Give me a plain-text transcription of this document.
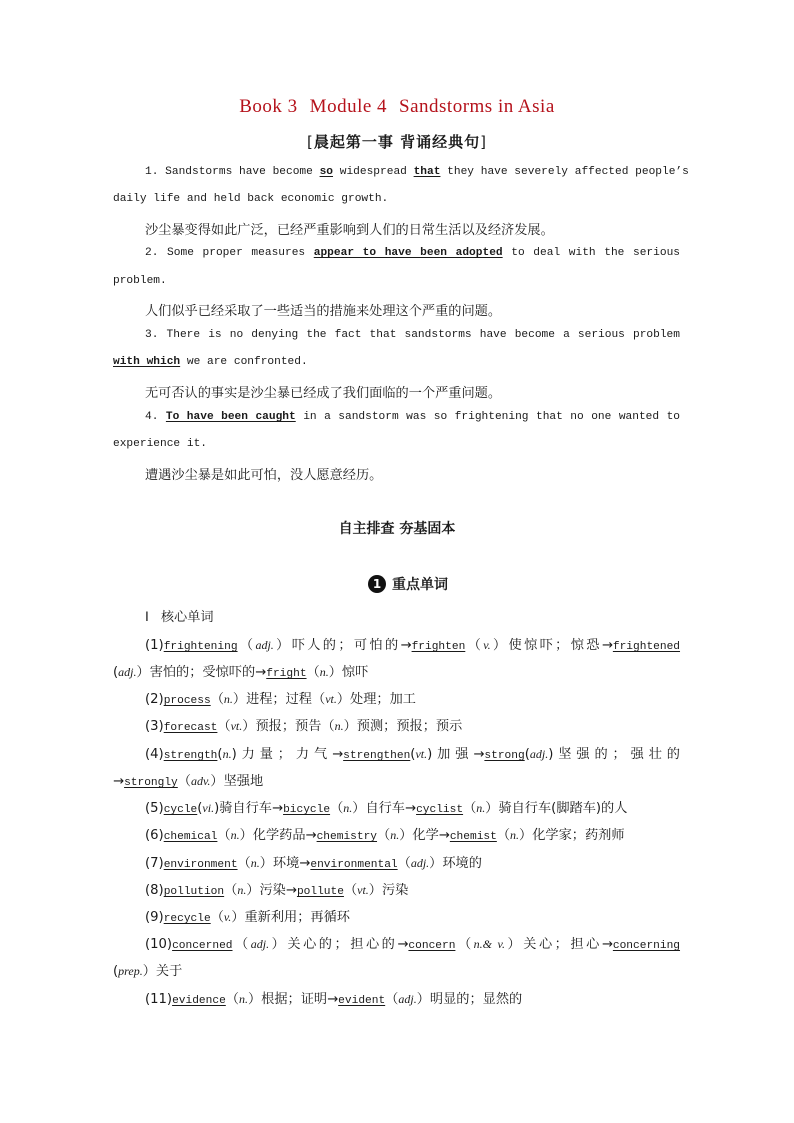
Book 3 Module 4 Sandstorms in Asia
[晨起第一事 背诵经典句]
1. Sandstorms have become so widespread that they have severely affected people’s
daily life and held back economic growth.
沙尘暴变得如此广泛，已经严重影响到人们的日常生活以及经济发展。
2. Some proper measures appear to have been adopted to deal with the serious
problem.
人们似乎已经采取了一些适当的措施来处理这个严重的问题。
3. There is no denying the fact that sandstorms have become a serious problem
with which we are confronted.
无可否认的事实是沙尘暴已经成了我们面临的一个严重问题。
4. To have been caught in a sandstorm was so frightening that no one wanted to
experience it.
遭遇沙尘暴是如此可怕，没人愿意经历。
自主排查 夯基固本
1 重点单词
Ⅰ 核心单词
(1)frightening（adj.）吓人的；可怕的→frighten（v.）使惊吓；惊恐→frightened
(adj.）害怕的；受惊吓的→fright（n.）惊吓
(2)process（n.）进程；过程（vt.）处理；加工
(3)forecast（vt.）预报；预告（n.）预测；预报；预示
(4)strength(n.)力量；力气→strengthen(vt.)加强→strong(adj.)坚强的；强壮的
→strongly（adv.）坚强地
(5)cycle(vi.)骑自行车→bicycle（n.）自行车→cyclist（n.）骑自行车(脚踏车)的人
(6)chemical（n.）化学药品→chemistry（n.）化学→chemist（n.）化学家；药剂师
(7)environment（n.）环境→environmental（adj.）环境的
(8)pollution（n.）污染→pollute（vt.）污染
(9)recycle（v.）重新利用；再循环
(10)concerned（adj.）关心的；担心的→concern（n.& v.）关心；担心→concerning
(prep.）关于
(11)evidence（n.）根据；证明→evident（adj.）明显的；显然的
